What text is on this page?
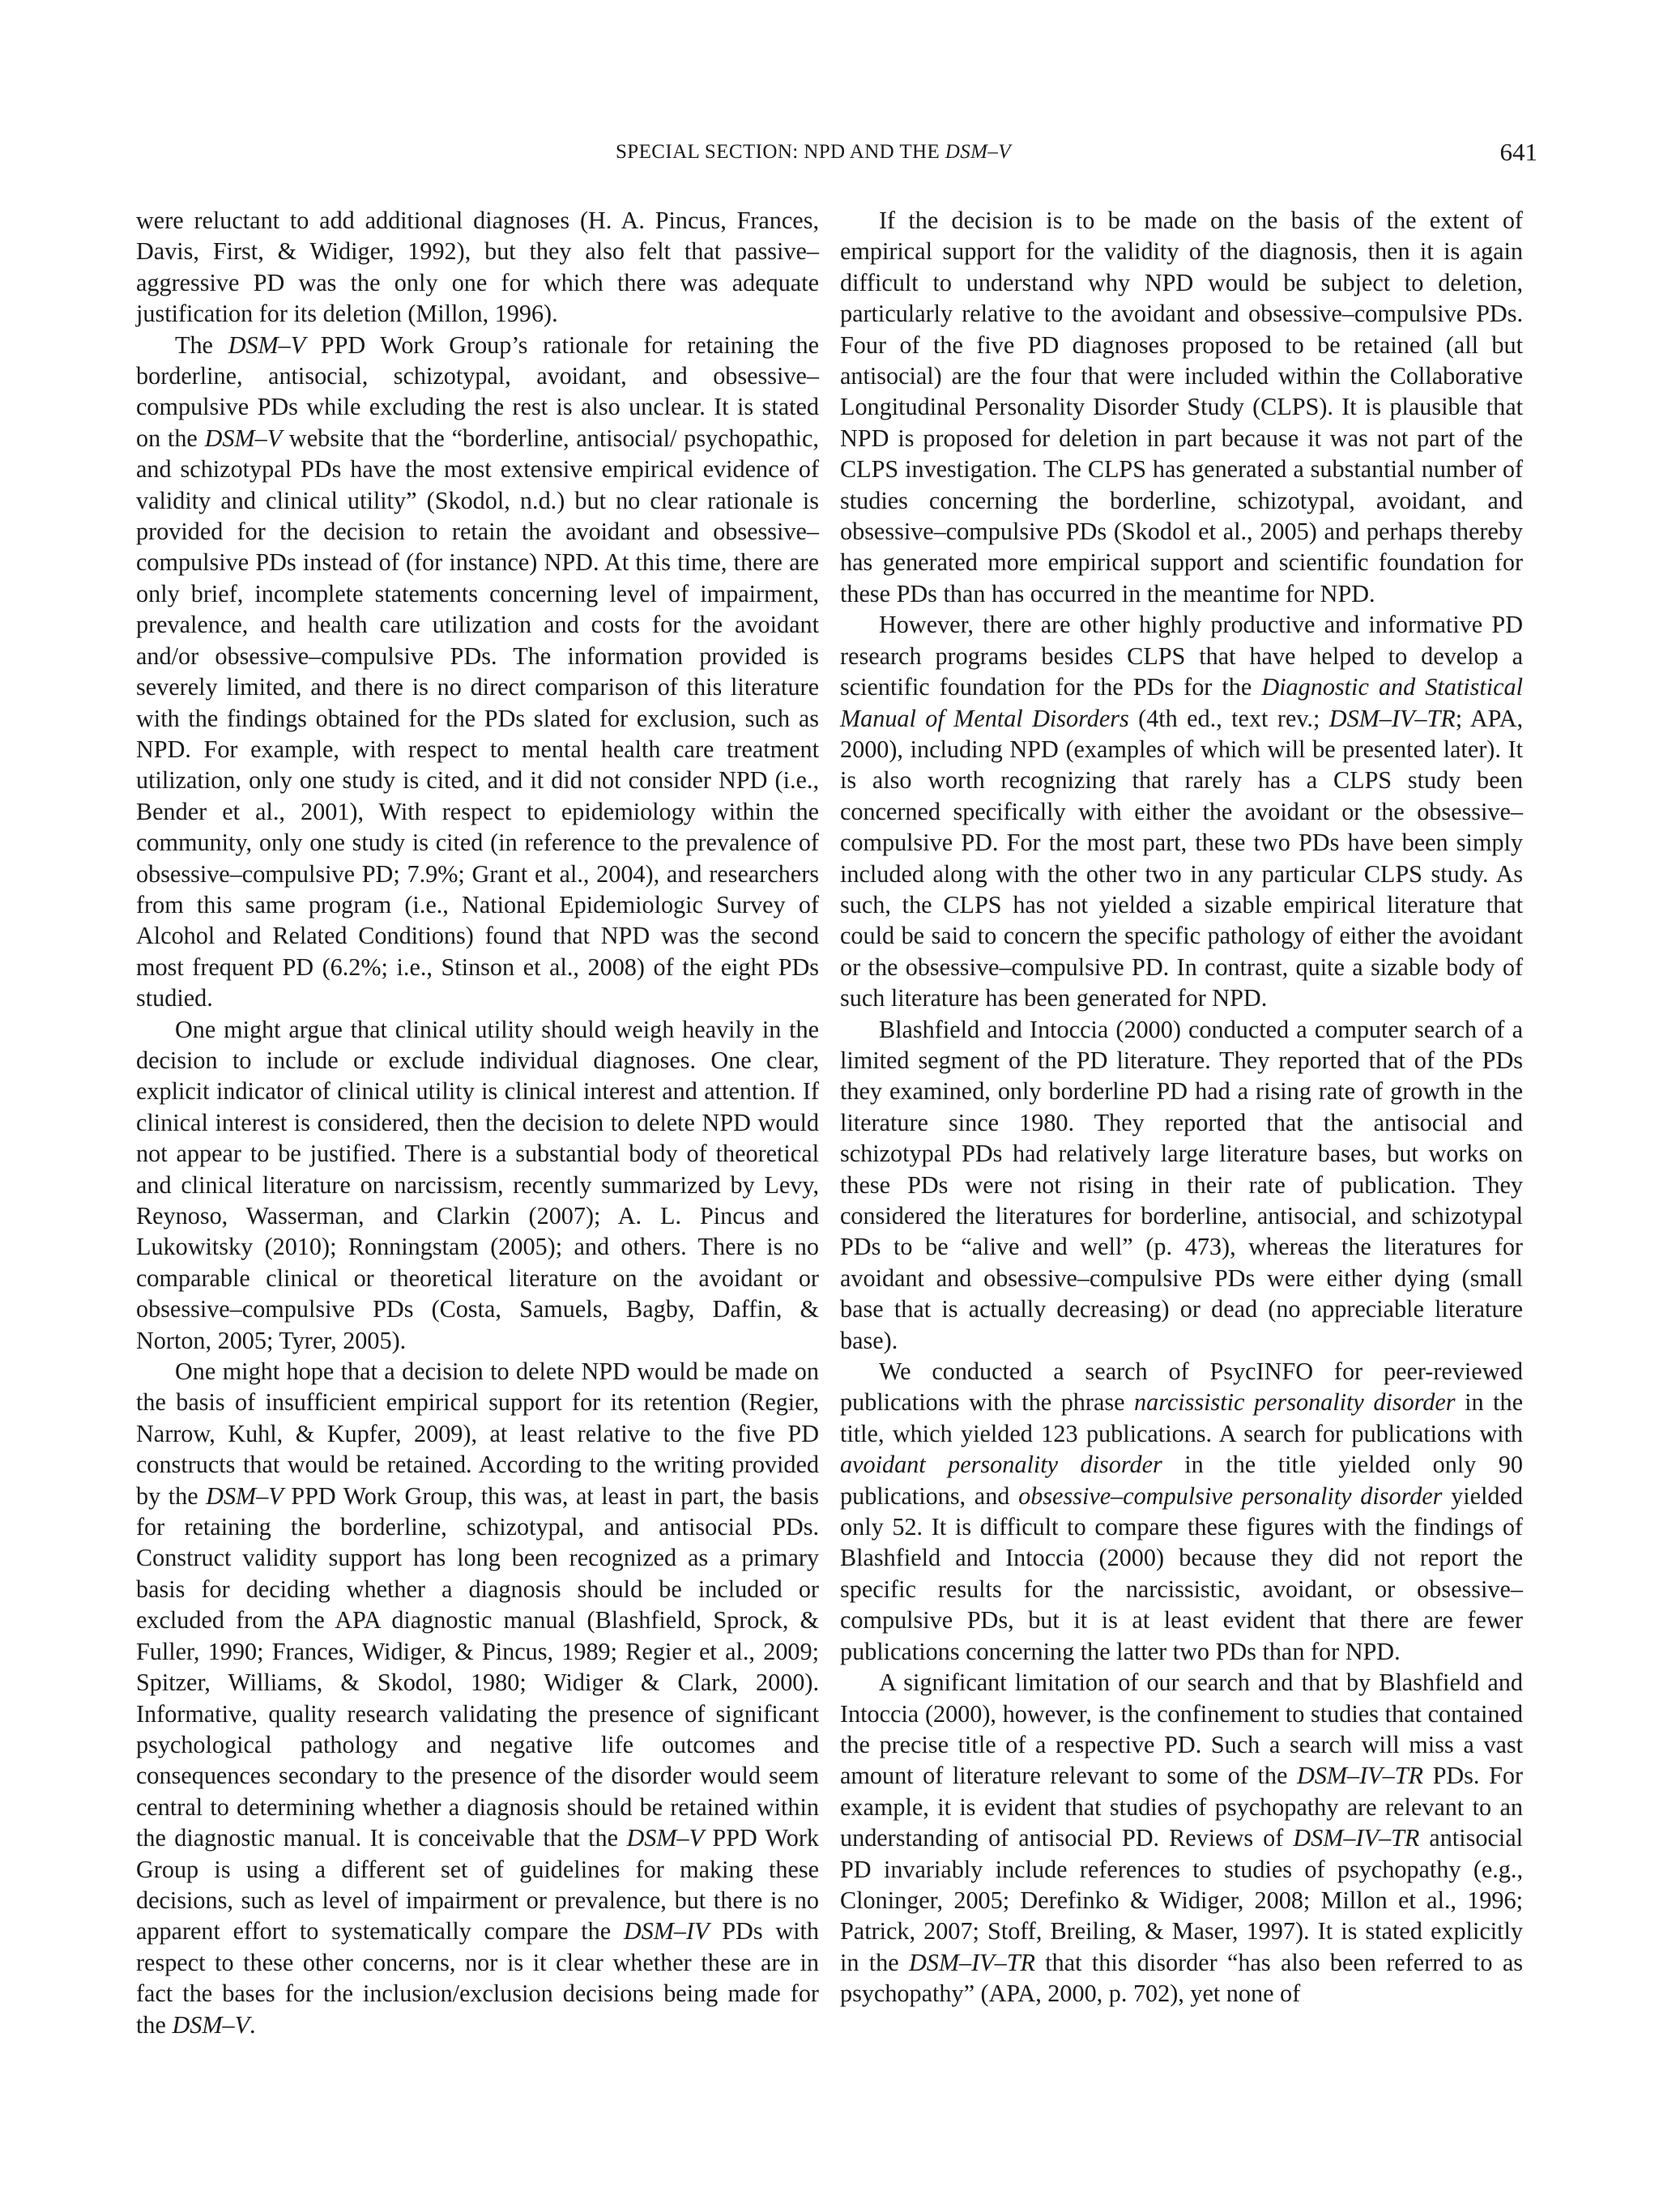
SPECIAL SECTION: NPD AND THE DSM–V	641

were reluctant to add additional diagnoses (H. A. Pincus, Frances, Davis, First, & Widiger, 1992), but they also felt that passive–aggressive PD was the only one for which there was adequate justification for its deletion (Millon, 1996).

The DSM–V PPD Work Group’s rationale for retaining the borderline, antisocial, schizotypal, avoidant, and obsessive–compulsive PDs while excluding the rest is also unclear. It is stated on the DSM–V website that the “borderline, antisocial/ psychopathic, and schizotypal PDs have the most extensive empirical evidence of validity and clinical utility” (Skodol, n.d.) but no clear rationale is provided for the decision to retain the avoidant and obsessive–compulsive PDs instead of (for instance) NPD. At this time, there are only brief, incomplete statements concerning level of impairment, prevalence, and health care utilization and costs for the avoidant and/or obsessive–compulsive PDs. The information provided is severely limited, and there is no direct comparison of this literature with the findings obtained for the PDs slated for exclusion, such as NPD. For example, with respect to mental health care treatment utilization, only one study is cited, and it did not consider NPD (i.e., Bender et al., 2001), With respect to epidemiology within the community, only one study is cited (in reference to the prevalence of obsessive–compulsive PD; 7.9%; Grant et al., 2004), and researchers from this same program (i.e., National Epidemiologic Survey of Alcohol and Related Conditions) found that NPD was the second most frequent PD (6.2%; i.e., Stinson et al., 2008) of the eight PDs studied.

One might argue that clinical utility should weigh heavily in the decision to include or exclude individual diagnoses. One clear, explicit indicator of clinical utility is clinical interest and attention. If clinical interest is considered, then the decision to delete NPD would not appear to be justified. There is a substantial body of theoretical and clinical literature on narcissism, recently summarized by Levy, Reynoso, Wasserman, and Clarkin (2007); A. L. Pincus and Lukowitsky (2010); Ronningstam (2005); and others. There is no comparable clinical or theoretical literature on the avoidant or obsessive–compulsive PDs (Costa, Samuels, Bagby, Daffin, & Norton, 2005; Tyrer, 2005).

One might hope that a decision to delete NPD would be made on the basis of insufficient empirical support for its retention (Regier, Narrow, Kuhl, & Kupfer, 2009), at least relative to the five PD constructs that would be retained. According to the writing provided by the DSM–V PPD Work Group, this was, at least in part, the basis for retaining the borderline, schizotypal, and antisocial PDs. Construct validity support has long been recognized as a primary basis for deciding whether a diagnosis should be included or excluded from the APA diagnostic manual (Blashfield, Sprock, & Fuller, 1990; Frances, Widiger, & Pincus, 1989; Regier et al., 2009; Spitzer, Williams, & Skodol, 1980; Widiger & Clark, 2000). Informative, quality research validating the presence of significant psychological pathology and negative life outcomes and consequences secondary to the presence of the disorder would seem central to determining whether a diagnosis should be retained within the diagnostic manual. It is conceivable that the DSM–V PPD Work Group is using a different set of guidelines for making these decisions, such as level of impairment or prevalence, but there is no apparent effort to systematically compare the DSM–IV PDs with respect to these other concerns, nor is it clear whether these are in fact the bases for the inclusion/exclusion decisions being made for the DSM–V.

If the decision is to be made on the basis of the extent of empirical support for the validity of the diagnosis, then it is again difficult to understand why NPD would be subject to deletion, particularly relative to the avoidant and obsessive–compulsive PDs. Four of the five PD diagnoses proposed to be retained (all but antisocial) are the four that were included within the Collaborative Longitudinal Personality Disorder Study (CLPS). It is plausible that NPD is proposed for deletion in part because it was not part of the CLPS investigation. The CLPS has generated a substantial number of studies concerning the borderline, schizotypal, avoidant, and obsessive–compulsive PDs (Skodol et al., 2005) and perhaps thereby has generated more empirical support and scientific foundation for these PDs than has occurred in the meantime for NPD.

However, there are other highly productive and informative PD research programs besides CLPS that have helped to develop a scientific foundation for the PDs for the Diagnostic and Statistical Manual of Mental Disorders (4th ed., text rev.; DSM–IV–TR; APA, 2000), including NPD (examples of which will be presented later). It is also worth recognizing that rarely has a CLPS study been concerned specifically with either the avoidant or the obsessive–compulsive PD. For the most part, these two PDs have been simply included along with the other two in any particular CLPS study. As such, the CLPS has not yielded a sizable empirical literature that could be said to concern the specific pathology of either the avoidant or the obsessive–compulsive PD. In contrast, quite a sizable body of such literature has been generated for NPD.

Blashfield and Intoccia (2000) conducted a computer search of a limited segment of the PD literature. They reported that of the PDs they examined, only borderline PD had a rising rate of growth in the literature since 1980. They reported that the antisocial and schizotypal PDs had relatively large literature bases, but works on these PDs were not rising in their rate of publication. They considered the literatures for borderline, antisocial, and schizotypal PDs to be “alive and well” (p. 473), whereas the literatures for avoidant and obsessive–compulsive PDs were either dying (small base that is actually decreasing) or dead (no appreciable literature base).

We conducted a search of PsycINFO for peer-reviewed publications with the phrase narcissistic personality disorder in the title, which yielded 123 publications. A search for publications with avoidant personality disorder in the title yielded only 90 publications, and obsessive–compulsive personality disorder yielded only 52. It is difficult to compare these figures with the findings of Blashfield and Intoccia (2000) because they did not report the specific results for the narcissistic, avoidant, or obsessive–compulsive PDs, but it is at least evident that there are fewer publications concerning the latter two PDs than for NPD.

A significant limitation of our search and that by Blashfield and Intoccia (2000), however, is the confinement to studies that contained the precise title of a respective PD. Such a search will miss a vast amount of literature relevant to some of the DSM–IV–TR PDs. For example, it is evident that studies of psychopathy are relevant to an understanding of antisocial PD. Reviews of DSM–IV–TR antisocial PD invariably include references to studies of psychopathy (e.g., Cloninger, 2005; Derefinko & Widiger, 2008; Millon et al., 1996; Patrick, 2007; Stoff, Breiling, & Maser, 1997). It is stated explicitly in the DSM–IV–TR that this disorder “has also been referred to as psychopathy” (APA, 2000, p. 702), yet none of
